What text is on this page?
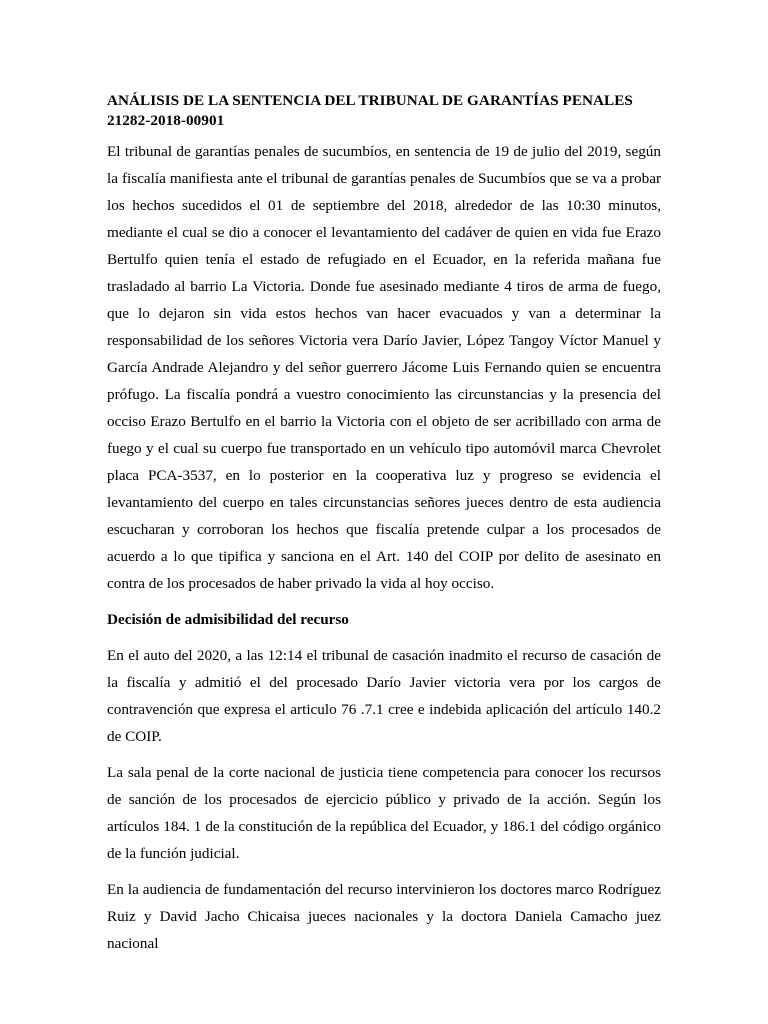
ANÁLISIS DE LA SENTENCIA DEL TRIBUNAL DE GARANTÍAS PENALES
21282-2018-00901

El tribunal de garantías penales de sucumbíos, en sentencia de 19 de julio del 2019, según la fiscalía manifiesta ante el tribunal de garantías penales de Sucumbíos que se va a probar los hechos sucedidos el 01 de septiembre del 2018, alrededor de las 10:30 minutos, mediante el cual se dio a conocer el levantamiento del cadáver de quien en vida fue Erazo Bertulfo quien tenía el estado de refugiado en el Ecuador, en la referida mañana fue trasladado al barrio La Victoria. Donde fue asesinado mediante 4 tiros de arma de fuego, que lo dejaron sin vida estos hechos van hacer evacuados y van a determinar la responsabilidad de los señores Victoria vera Darío Javier, López Tangoy Víctor Manuel y García Andrade Alejandro y del señor guerrero Jácome Luis Fernando quien se encuentra prófugo. La fiscalía pondrá a vuestro conocimiento las circunstancias y la presencia del occiso Erazo Bertulfo en el barrio la Victoria con el objeto de ser acribillado con arma de fuego y el cual su cuerpo fue transportado en un vehículo tipo automóvil marca Chevrolet placa PCA-3537, en lo posterior en la cooperativa luz y progreso se evidencia el levantamiento del cuerpo en tales circunstancias señores jueces dentro de esta audiencia escucharan y corroboran los hechos que fiscalía pretende culpar a los procesados de acuerdo a lo que tipifica y sanciona en el Art. 140 del COIP por delito de asesinato en contra de los procesados de haber privado la vida al hoy occiso.

Decisión de admisibilidad del recurso

En el auto del 2020, a las 12:14 el tribunal de casación inadmito el recurso de casación de la fiscalía y admitió el del procesado Darío Javier victoria vera por los cargos de contravención que expresa el articulo 76 .7.1 cree e indebida aplicación del artículo 140.2 de COIP.

La sala penal de la corte nacional de justicia tiene competencia para conocer los recursos de sanción de los procesados de ejercicio público y privado de la acción. Según los artículos 184. 1 de la constitución de la república del Ecuador, y 186.1 del código orgánico de la función judicial.

En la audiencia de fundamentación del recurso intervinieron los doctores marco Rodríguez Ruiz y David Jacho Chicaisa jueces nacionales y la doctora Daniela Camacho juez nacional
